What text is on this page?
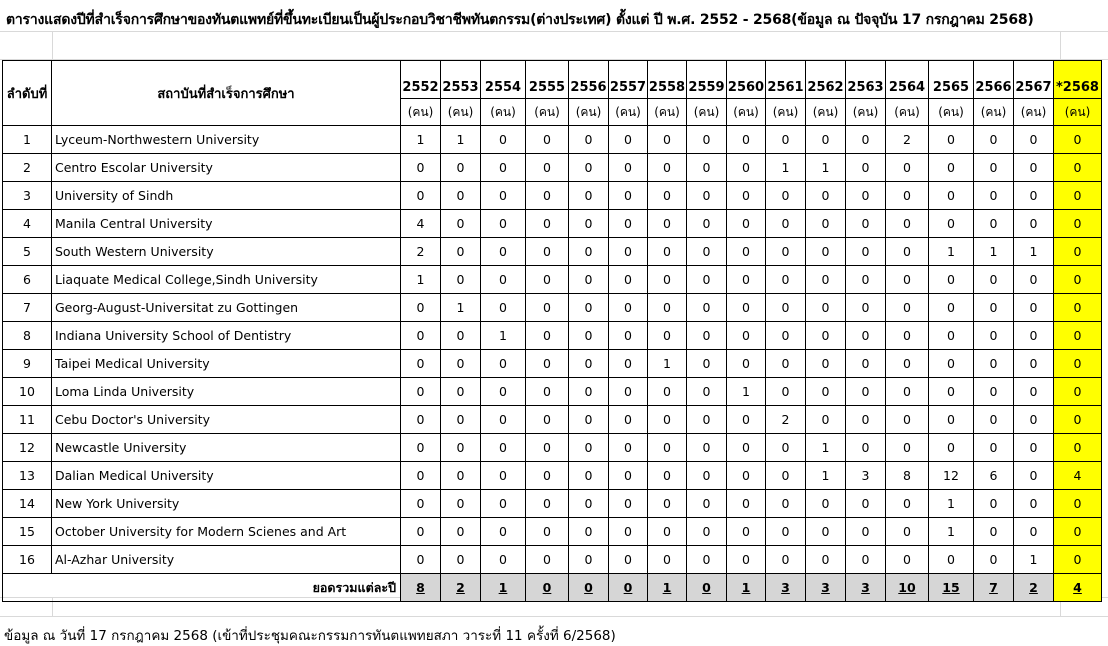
ตารางแสดงปีที่สำเร็จการศึกษาของทันตแพทย์ที่ขึ้นทะเบียนเป็นผู้ประกอบวิชาชีพทันตกรรม(ต่างประเทศ) ตั้งแต่ ปี พ.ศ. 2552 - 2568(ข้อมูล ณ ปัจจุบัน 17 กรกฎาคม 2568)
ลำดับที่	สถาบันที่สำเร็จการศึกษา	2552	2553	2554	2555	2556	2557	2558	2559	2560	2561	2562	2563	2564	2565	2566	2567	*2568
		(คน)	(คน)	(คน)	(คน)	(คน)	(คน)	(คน)	(คน)	(คน)	(คน)	(คน)	(คน)	(คน)	(คน)	(คน)	(คน)	(คน)
1	Lyceum-Northwestern University	1	1	0	0	0	0	0	0	0	0	0	0	2	0	0	0	0
2	Centro Escolar University	0	0	0	0	0	0	0	0	0	1	1	0	0	0	0	0	0
3	University of Sindh	0	0	0	0	0	0	0	0	0	0	0	0	0	0	0	0	0
4	Manila Central University	4	0	0	0	0	0	0	0	0	0	0	0	0	0	0	0	0
5	South Western University	2	0	0	0	0	0	0	0	0	0	0	0	0	1	1	1	0
6	Liaquate Medical College,Sindh University	1	0	0	0	0	0	0	0	0	0	0	0	0	0	0	0	0
7	Georg-August-Universitat zu Gottingen	0	1	0	0	0	0	0	0	0	0	0	0	0	0	0	0	0
8	Indiana University School of Dentistry	0	0	1	0	0	0	0	0	0	0	0	0	0	0	0	0	0
9	Taipei Medical University	0	0	0	0	0	0	1	0	0	0	0	0	0	0	0	0	0
10	Loma Linda University	0	0	0	0	0	0	0	0	1	0	0	0	0	0	0	0	0
11	Cebu Doctor's University	0	0	0	0	0	0	0	0	0	2	0	0	0	0	0	0	0
12	Newcastle University	0	0	0	0	0	0	0	0	0	0	1	0	0	0	0	0	0
13	Dalian Medical University	0	0	0	0	0	0	0	0	0	0	1	3	8	12	6	0	4
14	New York University	0	0	0	0	0	0	0	0	0	0	0	0	0	1	0	0	0
15	October University for Modern Scienes and Art	0	0	0	0	0	0	0	0	0	0	0	0	0	1	0	0	0
16	Al-Azhar University	0	0	0	0	0	0	0	0	0	0	0	0	0	0	0	1	0
ยอดรวมแต่ละปี		8	2	1	0	0	0	1	0	1	3	3	3	10	15	7	2	4
ข้อมูล ณ วันที่ 17 กรกฎาคม 2568 (เข้าที่ประชุมคณะกรรมการทันตแพทยสภา วาระที่ 11 ครั้งที่ 6/2568)
